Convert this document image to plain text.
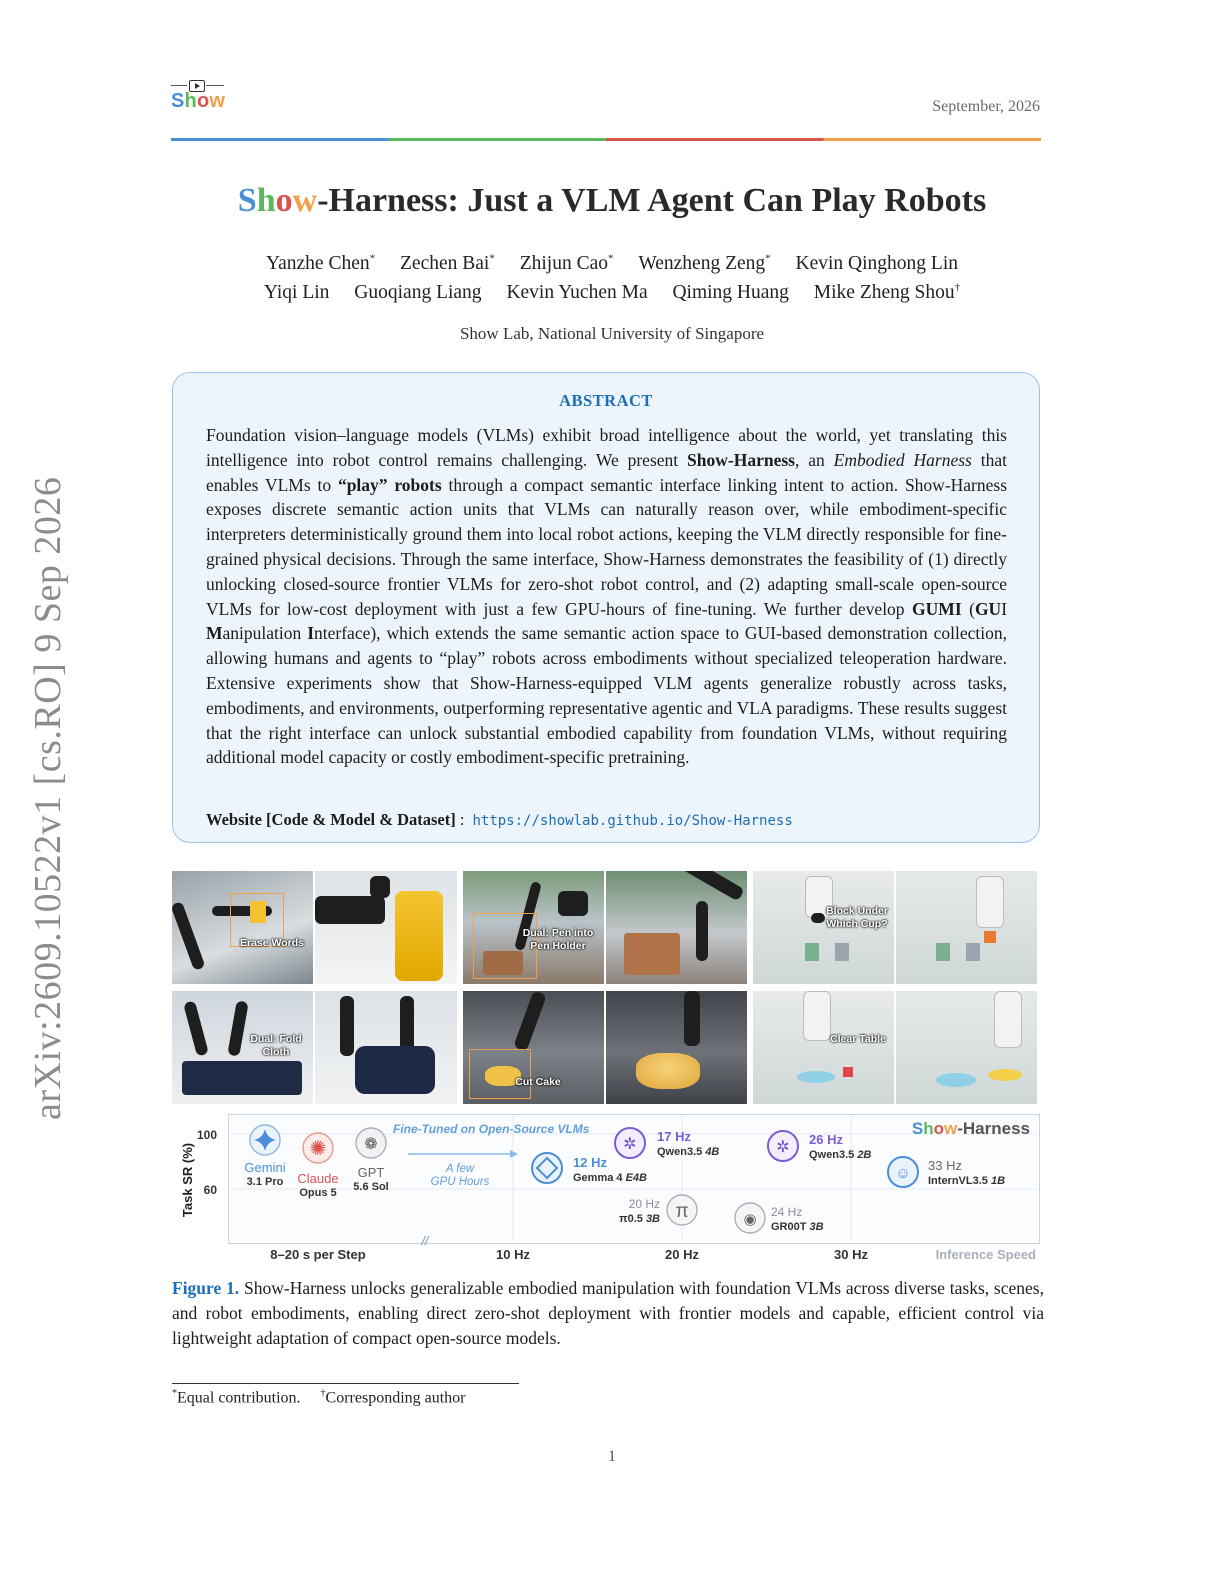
Show	September, 2026
Show-Harness: Just a VLM Agent Can Play Robots
Yanzhe Chen* Zechen Bai* Zhijun Cao* Wenzheng Zeng* Kevin Qinghong Lin
Yiqi Lin Guoqiang Liang Kevin Yuchen Ma Qiming Huang Mike Zheng Shou†
Show Lab, National University of Singapore
ABSTRACT
Foundation vision–language models (VLMs) exhibit broad intelligence about the world, yet translating this intelligence into robot control remains challenging. We present Show-Harness, an Embodied Harness that enables VLMs to “play” robots through a compact semantic interface linking intent to action. Show-Harness exposes discrete semantic action units that VLMs can naturally reason over, while embodiment-specific interpreters deterministically ground them into local robot actions, keeping the VLM directly responsible for fine-grained physical decisions. Through the same interface, Show-Harness demonstrates the feasibility of (1) directly unlocking closed-source frontier VLMs for zero-shot robot control, and (2) adapting small-scale open-source VLMs for low-cost deployment with just a few GPU-hours of fine-tuning. We further develop GUMI (GUI Manipulation Interface), which extends the same semantic action space to GUI-based demonstration collection, allowing humans and agents to “play” robots across embodiments without specialized teleoperation hardware. Extensive experiments show that Show-Harness-equipped VLM agents generalize robustly across tasks, embodiments, and environments, outperforming representative agentic and VLA paradigms. These results suggest that the right interface can unlock substantial embodied capability from foundation VLMs, without requiring additional model capacity or costly embodiment-specific pretraining.
Website [Code & Model & Dataset] : https://showlab.github.io/Show-Harness
arXiv:2609.10522v1 [cs.RO] 9 Sep 2026	Erase Words
Dual: Pen into Pen Holder
Block Under Which Cup?
Dual: Fold Cloth
Cut Cake
Clear Table
Task SR (%)
100
60
8–20 s per Step
//
10 Hz	20 Hz	30 Hz	Inference Speed
Show-Harness
Fine-Tuned on Open-Source VLMs
A few
GPU Hours
Gemini
3.1 Pro
✺
Claude
Opus 5
❁
GPT
5.6 Sol
12 Hz
Gemma 4 E4B
✲ 17 Hz
Qwen3.5 4B
π
20 Hz
π0.5 3B	◉ 24 Hz
GR00T 3B
✲ 26 Hz
Qwen3.5 2B
☺ 33 Hz
InternVL3.5 1B
Figure 1. Show-Harness unlocks generalizable embodied manipulation with foundation VLMs across diverse tasks, scenes, and robot embodiments, enabling direct zero-shot deployment with frontier models and capable, efficient control via lightweight adaptation of compact open-source models.
*Equal contribution. †Corresponding author
1
